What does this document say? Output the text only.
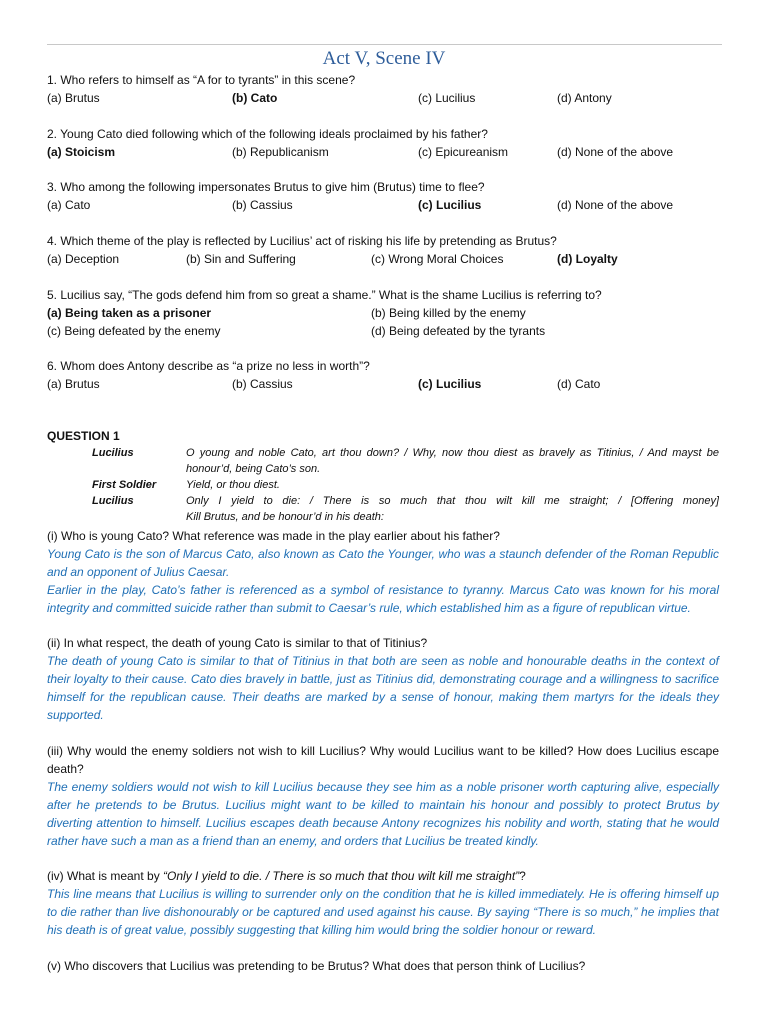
Act V, Scene IV
1. Who refers to himself as “A for to tyrants” in this scene?
(a) Brutus	(b) Cato	(c) Lucilius	(d) Antony
2. Young Cato died following which of the following ideals proclaimed by his father?
(a) Stoicism	(b) Republicanism	(c) Epicureanism	(d) None of the above
3. Who among the following impersonates Brutus to give him (Brutus) time to flee?
(a) Cato	(b) Cassius	(c) Lucilius	(d) None of the above
4. Which theme of the play is reflected by Lucilius’ act of risking his life by pretending as Brutus?
(a) Deception	(b) Sin and Suffering	(c) Wrong Moral Choices	(d) Loyalty
5. Lucilius say, “The gods defend him from so great a shame.” What is the shame Lucilius is referring to?
(a) Being taken as a prisoner	(b) Being killed by the enemy
(c) Being defeated by the enemy	(d) Being defeated by the tyrants
6. Whom does Antony describe as “a prize no less in worth”?
(a) Brutus	(b) Cassius	(c) Lucilius	(d) Cato
QUESTION 1
Lucilius	O young and noble Cato, art thou down? / Why, now thou diest as bravely as Titinius, / And mayst be
honour’d, being Cato’s son.
First Soldier	Yield, or thou diest.
Lucilius	Only I yield to die: / There is so much that thou wilt kill me straight; / [Offering money]
Kill Brutus, and be honour’d in his death:
(i) Who is young Cato? What reference was made in the play earlier about his father?
Young Cato is the son of Marcus Cato, also known as Cato the Younger, who was a staunch defender of the Roman Republic and an opponent of Julius Caesar.
Earlier in the play, Cato’s father is referenced as a symbol of resistance to tyranny. Marcus Cato was known for his moral integrity and committed suicide rather than submit to Caesar’s rule, which established him as a figure of republican virtue.
(ii) In what respect, the death of young Cato is similar to that of Titinius?
The death of young Cato is similar to that of Titinius in that both are seen as noble and honourable deaths in the context of their loyalty to their cause. Cato dies bravely in battle, just as Titinius did, demonstrating courage and a willingness to sacrifice himself for the republican cause. Their deaths are marked by a sense of honour, making them martyrs for the ideals they supported.
(iii) Why would the enemy soldiers not wish to kill Lucilius? Why would Lucilius want to be killed? How does Lucilius escape death?
The enemy soldiers would not wish to kill Lucilius because they see him as a noble prisoner worth capturing alive, especially after he pretends to be Brutus. Lucilius might want to be killed to maintain his honour and possibly to protect Brutus by diverting attention to himself. Lucilius escapes death because Antony recognizes his nobility and worth, stating that he would rather have such a man as a friend than an enemy, and orders that Lucilius be treated kindly.
(iv) What is meant by “Only I yield to die. / There is so much that thou wilt kill me straight”?
This line means that Lucilius is willing to surrender only on the condition that he is killed immediately. He is offering himself up to die rather than live dishonourably or be captured and used against his cause. By saying “There is so much,” he implies that his death is of great value, possibly suggesting that killing him would bring the soldier honour or reward.
(v) Who discovers that Lucilius was pretending to be Brutus? What does that person think of Lucilius?
